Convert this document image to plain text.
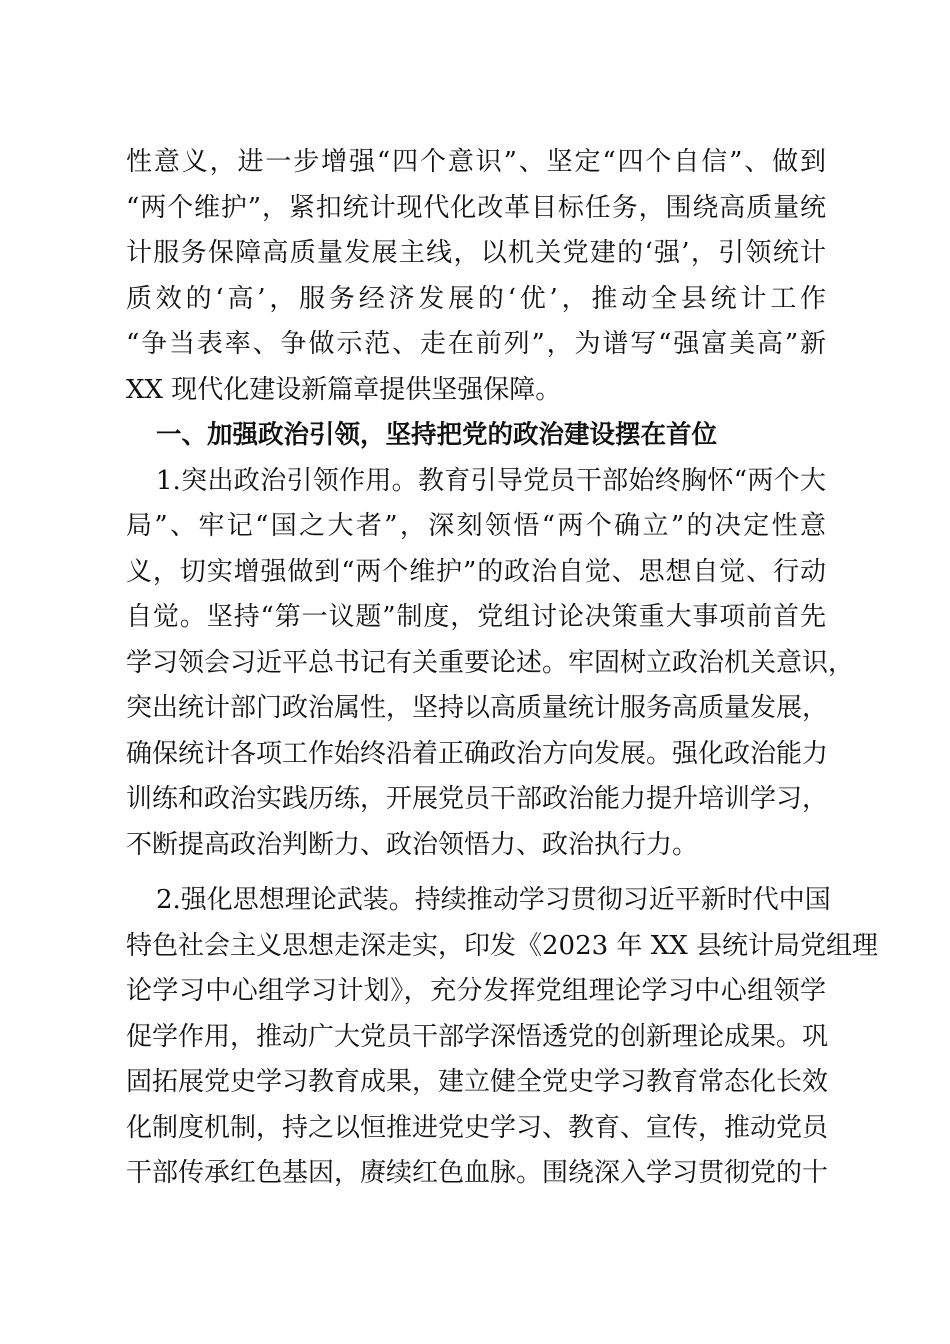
性意义，进一步增强“四个意识”、坚定“四个自信”、做到
“两个维护”，紧扣统计现代化改革目标任务，围绕高质量统
计服务保障高质量发展主线，以机关党建的‘强’，引领统计
质效的‘高’，服务经济发展的‘优’，推动全县统计工作
“争当表率、争做示范、走在前列”，为谱写“强富美高”新
XX 现代化建设新篇章提供坚强保障。
一、加强政治引领，坚持把党的政治建设摆在首位
1.突出政治引领作用。教育引导党员干部始终胸怀“两个大
局”、牢记“国之大者”，深刻领悟“两个确立”的决定性意
义，切实增强做到“两个维护”的政治自觉、思想自觉、行动
自觉。坚持“第一议题”制度，党组讨论决策重大事项前首先
学习领会习近平总书记有关重要论述。牢固树立政治机关意识，
突出统计部门政治属性，坚持以高质量统计服务高质量发展，
确保统计各项工作始终沿着正确政治方向发展。强化政治能力
训练和政治实践历练，开展党员干部政治能力提升培训学习，
不断提高政治判断力、政治领悟力、政治执行力。
2.强化思想理论武装。持续推动学习贯彻习近平新时代中国
特色社会主义思想走深走实，印发《2023 年 XX 县统计局党组理
论学习中心组学习计划》，充分发挥党组理论学习中心组领学
促学作用，推动广大党员干部学深悟透党的创新理论成果。巩
固拓展党史学习教育成果，建立健全党史学习教育常态化长效
化制度机制，持之以恒推进党史学习、教育、宣传，推动党员
干部传承红色基因，赓续红色血脉。围绕深入学习贯彻党的十
